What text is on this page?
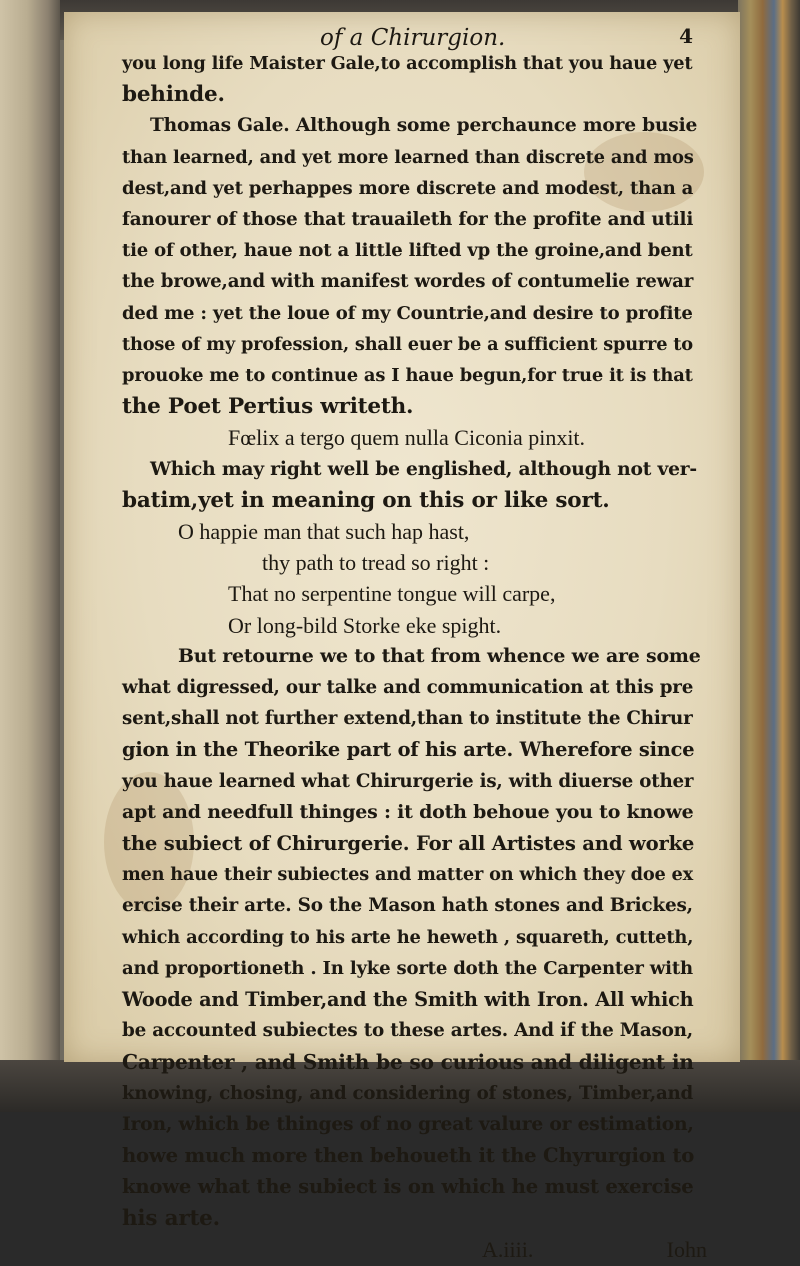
of a Chirurgion.	4
you long life Maister Gale,to accomplish that you haue yet
behinde.
Thomas Gale. Although some perchaunce more busie
than learned, and yet more learned than discrete and mos
dest,and yet perhappes more discrete and modest, than a
fanourer of those that trauaileth for the profite and utili
tie of other, haue not a little lifted vp the groine,and bent
the browe,and with manifest wordes of contumelie rewar
ded me : yet the loue of my Countrie,and desire to profite
those of my profession, shall euer be a sufficient spurre to
prouoke me to continue as I haue begun,for true it is that
the Poet Pertius writeth.
Fœlix a tergo quem nulla Ciconia pinxit.
Which may right well be englished, although not ver-
batim,yet in meaning on this or like sort.
O happie man that such hap hast,
thy path to tread so right :
That no serpentine tongue will carpe,
Or long-bild Storke eke spight.
But retourne we to that from whence we are some
what digressed, our talke and communication at this pre
sent,shall not further extend,than to institute the Chirur
gion in the Theorike part of his arte. Wherefore since
you haue learned what Chirurgerie is, with diuerse other
apt and needfull thinges : it doth behoue you to knowe
the subiect of Chirurgerie. For all Artistes and worke
men haue their subiectes and matter on which they doe ex
ercise their arte. So the Mason hath stones and Brickes,
which according to his arte he heweth , squareth, cutteth,
and proportioneth . In lyke sorte doth the Carpenter with
Woode and Timber,and the Smith with Iron. All which
be accounted subiectes to these artes. And if the Mason,
Carpenter , and Smith be so curious and diligent in
knowing, chosing, and considering of stones, Timber,and
Iron, which be thinges of no great valure or estimation,
howe much more then behoueth it the Chyrurgion to
knowe what the subiect is on which he must exercise
his arte.
A.iiii.	Iohn
